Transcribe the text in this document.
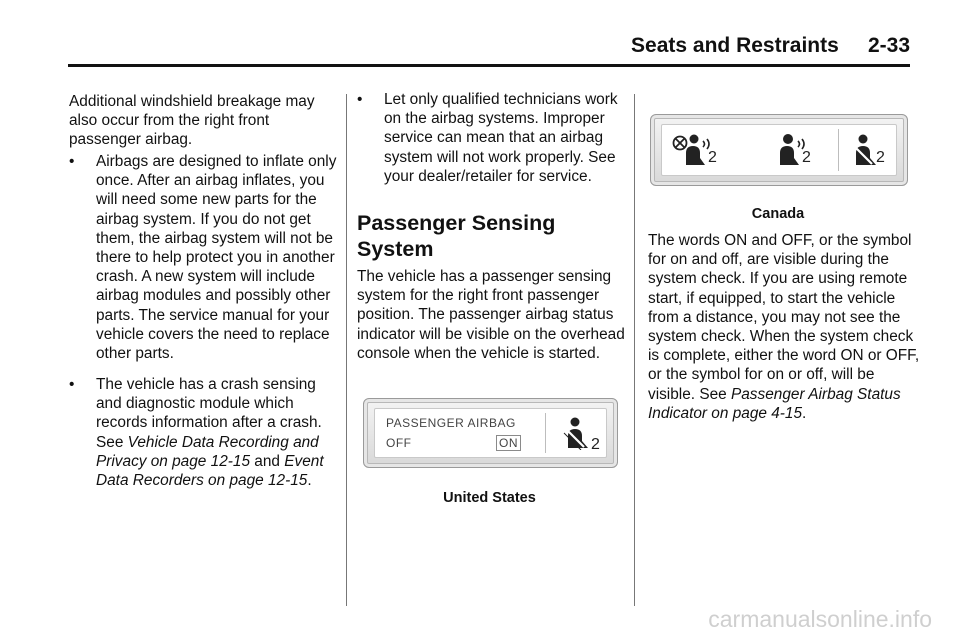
Seats and Restraints     2-33
Additional windshield breakage may also occur from the right front passenger airbag.
•	Airbags are designed to inflate only once. After an airbag inflates, you will need some new parts for the airbag system. If you do not get them, the airbag system will not be there to help protect you in another crash. A new system will include airbag modules and possibly other parts. The service manual for your vehicle covers the need to replace other parts.
•	The vehicle has a crash sensing and diagnostic module which records information after a crash. See Vehicle Data Recording and Privacy on page 12-15 and Event Data Recorders on page 12-15.
•	Let only qualified technicians work on the airbag systems. Improper service can mean that an airbag system will not work properly. See your dealer/retailer for service.
Passenger Sensing System
The vehicle has a passenger sensing system for the right front passenger position. The passenger airbag status indicator will be visible on the overhead console when the vehicle is started.
PASSENGER AIRBAG
OFF	ON	2
United States
2	2	2
Canada
The words ON and OFF, or the symbol for on and off, are visible during the system check. If you are using remote start, if equipped, to start the vehicle from a distance, you may not see the system check. When the system check is complete, either the word ON or OFF, or the symbol for on or off, will be visible. See Passenger Airbag Status Indicator on page 4-15.
carmanualsonline.info
